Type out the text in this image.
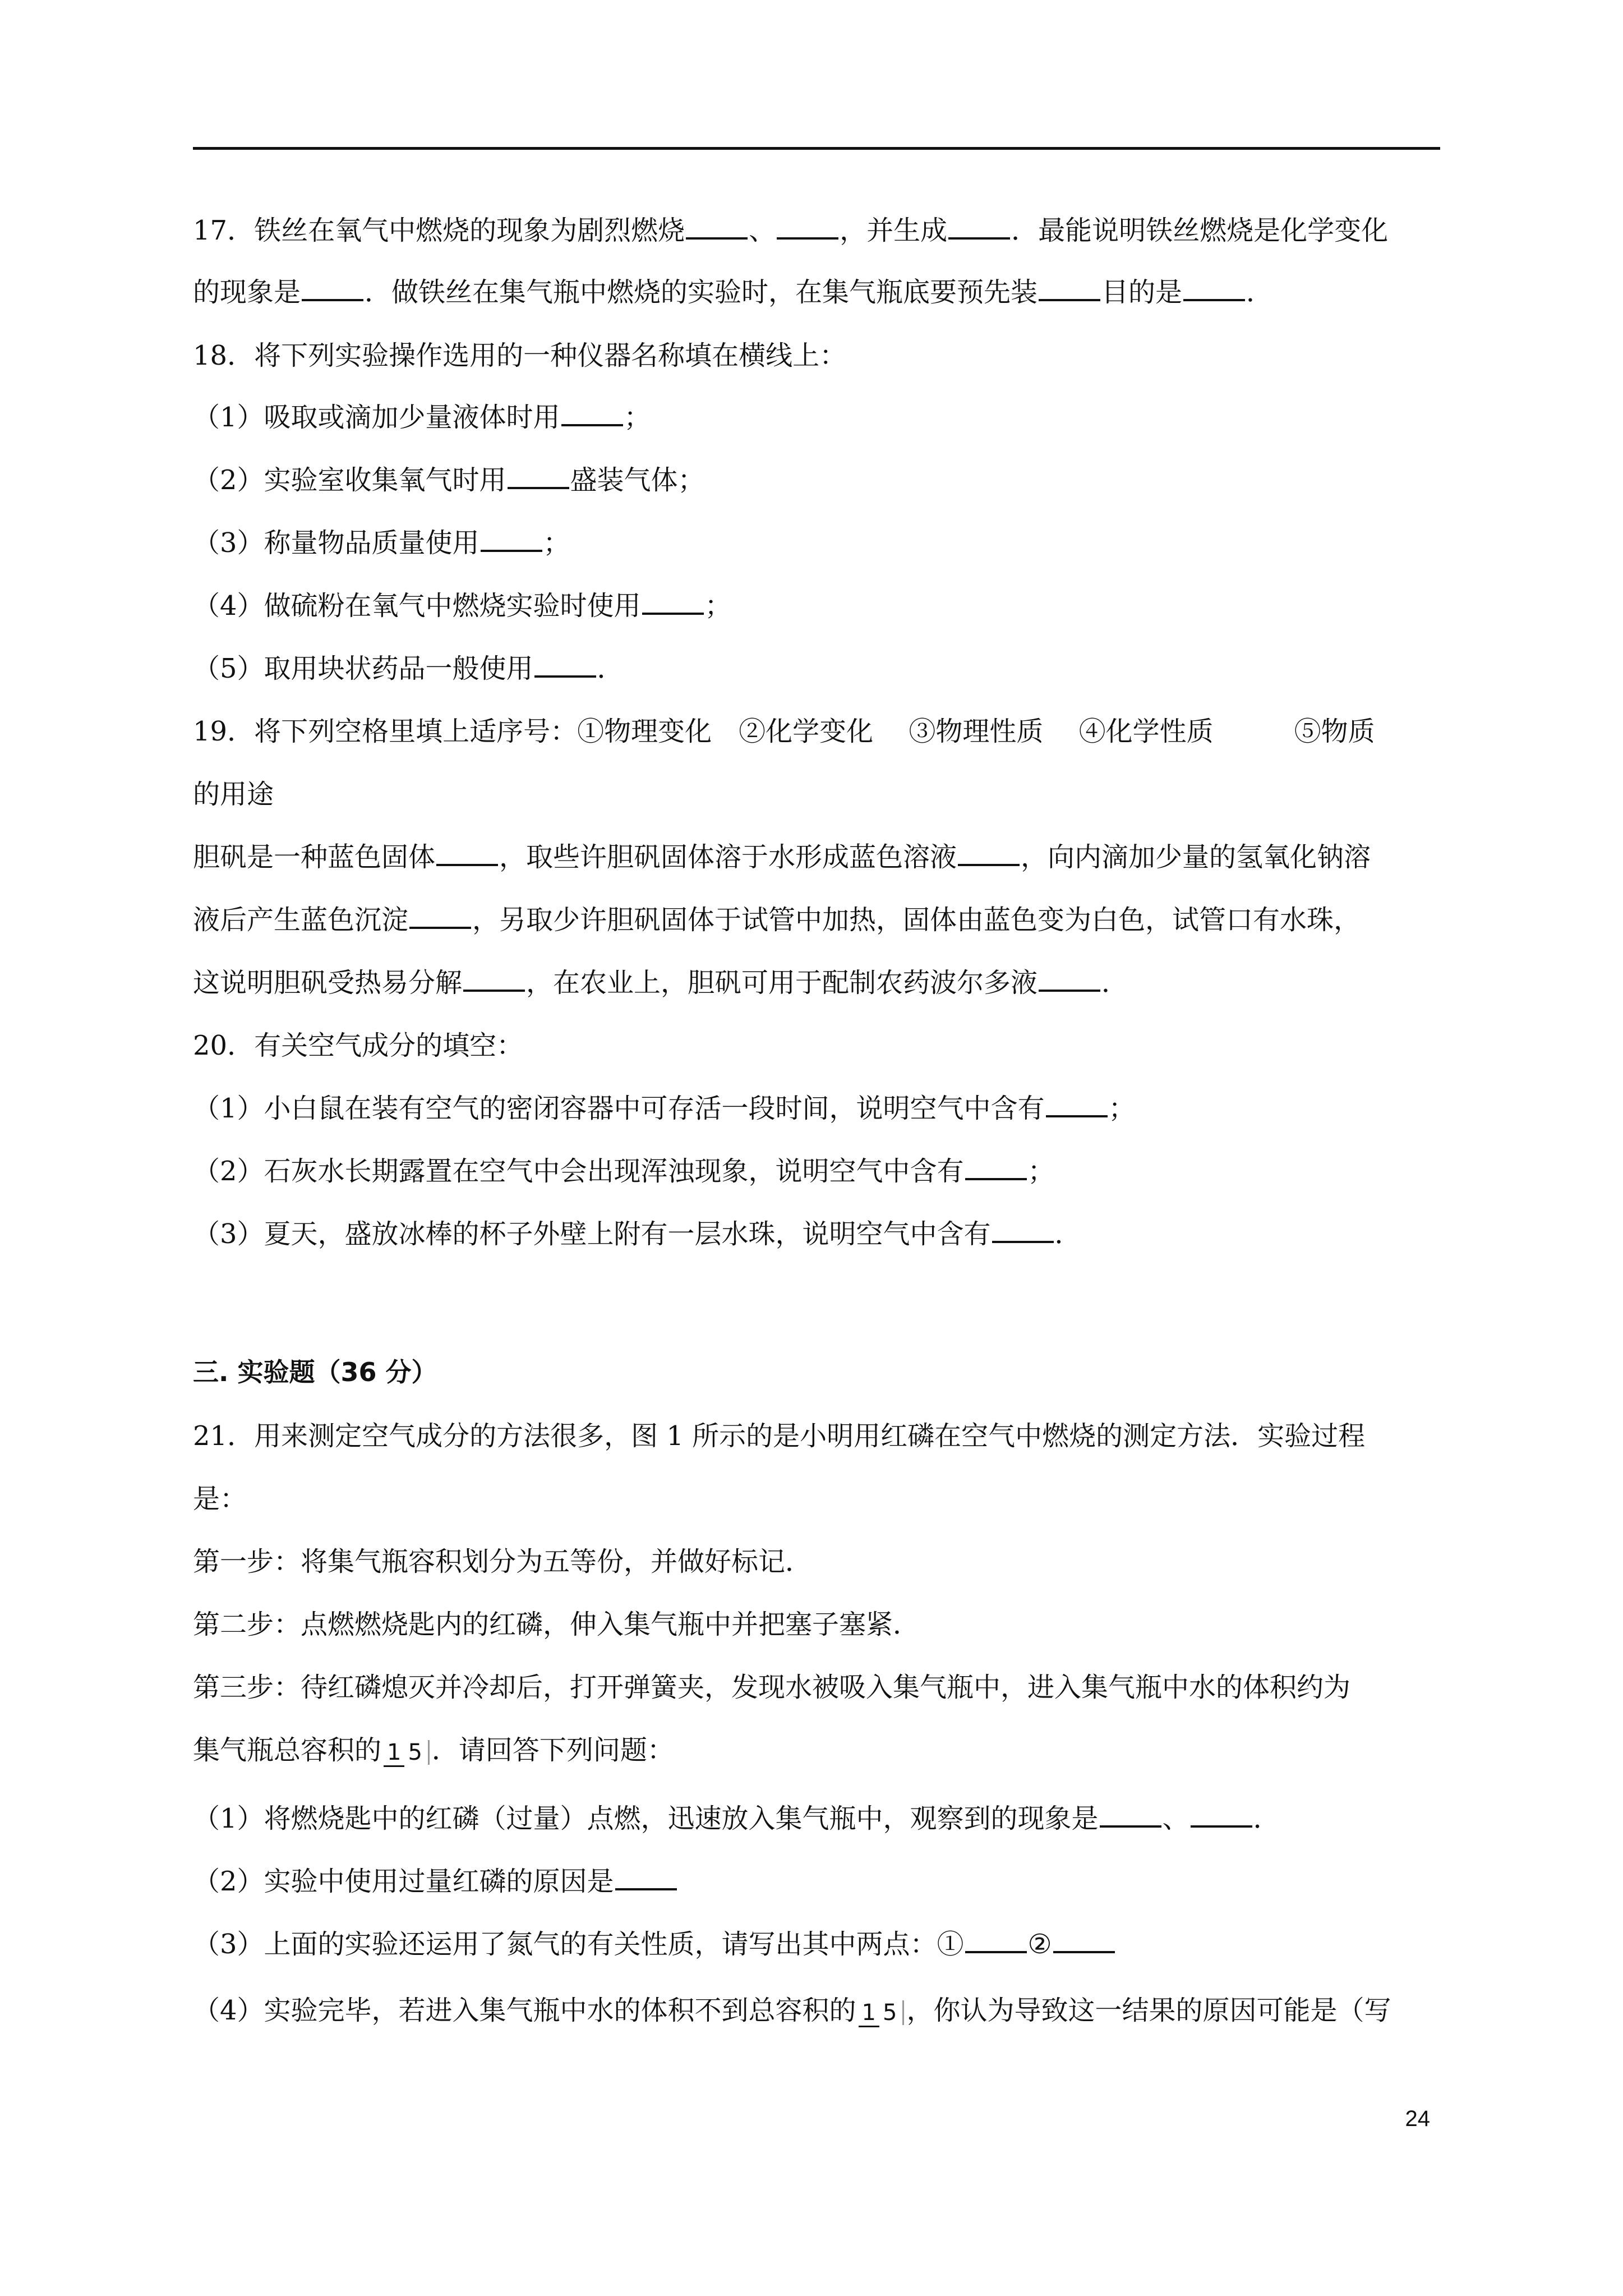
17．铁丝在氧气中燃烧的现象为剧烈燃烧 、 ，并生成 ．最能说明铁丝燃烧是化学变化
的现象是 ．做铁丝在集气瓶中燃烧的实验时，在集气瓶底要预先装 目的是 ．
18．将下列实验操作选用的一种仪器名称填在横线上：
（1）吸取或滴加少量液体时用 ；
（2）实验室收集氧气时用 盛装气体；
（3）称量物品质量使用 ；
（4）做硫粉在氧气中燃烧实验时使用 ；
（5）取用块状药品一般使用 ．
19．将下列空格里填上适序号：①物理变化　②化学变化　 ③物理性质　 ④化学性质　　　⑤物质
的用途
胆矾是一种蓝色固体 ，取些许胆矾固体溶于水形成蓝色溶液 ，向内滴加少量的氢氧化钠溶
液后产生蓝色沉淀 ，另取少许胆矾固体于试管中加热，固体由蓝色变为白色，试管口有水珠，
这说明胆矾受热易分解 ，在农业上，胆矾可用于配制农药波尔多液 ．
20．有关空气成分的填空：
（1）小白鼠在装有空气的密闭容器中可存活一段时间，说明空气中含有 ；
（2）石灰水长期露置在空气中会出现浑浊现象，说明空气中含有 ；
（3）夏天，盛放冰棒的杯子外壁上附有一层水珠，说明空气中含有 ．
三. 实验题（36 分）
21．用来测定空气成分的方法很多，图 1 所示的是小明用红磷在空气中燃烧的测定方法．实验过程
是：
第一步：将集气瓶容积划分为五等份，并做好标记．
第二步：点燃燃烧匙内的红磷，伸入集气瓶中并把塞子塞紧．
第三步：待红磷熄灭并冷却后，打开弹簧夹，发现水被吸入集气瓶中，进入集气瓶中水的体积约为
集气瓶总容积的 1 5 ．请回答下列问题：
（1）将燃烧匙中的红磷（过量）点燃，迅速放入集气瓶中，观察到的现象是 、 ．
（2）实验中使用过量红磷的原因是
（3）上面的实验还运用了氮气的有关性质，请写出其中两点：① ②
（4）实验完毕，若进入集气瓶中水的体积不到总容积的 1 5 ，你认为导致这一结果的原因可能是（写
24
